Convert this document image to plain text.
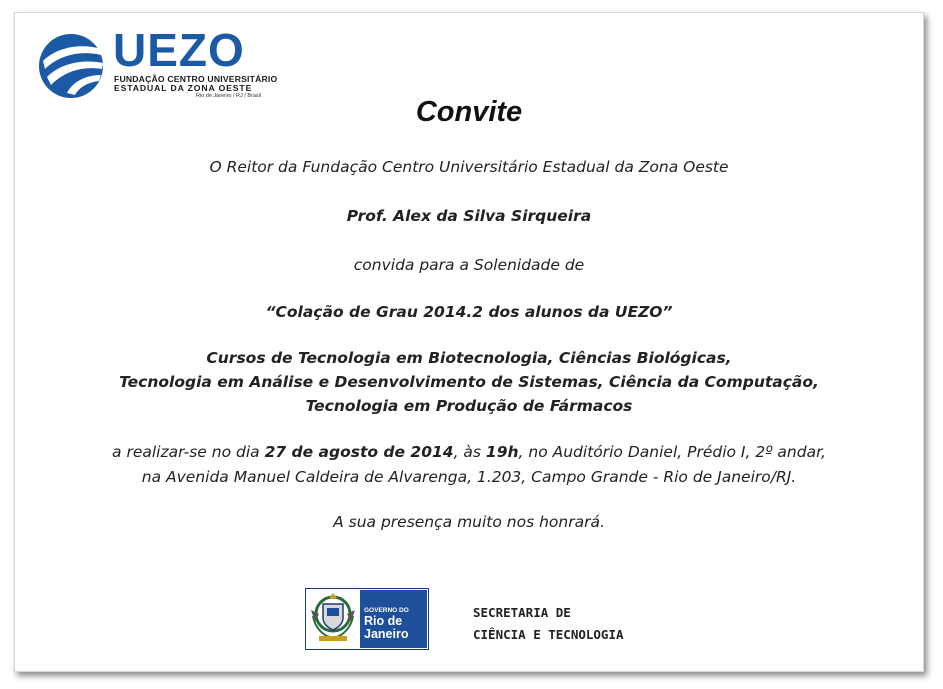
UEZO
FUNDAÇÃO CENTRO UNIVERSITÁRIO
ESTADUAL DA ZONA OESTE
Rio de Janeiro / RJ / Brasil	Convite
O Reitor da Fundação Centro Universitário Estadual da Zona Oeste
Prof. Alex da Silva Sirqueira
convida para a Solenidade de
“Colação de Grau 2014.2 dos alunos da UEZO”
Cursos de Tecnologia em Biotecnologia, Ciências Biológicas,
Tecnologia em Análise e Desenvolvimento de Sistemas, Ciência da Computação,
Tecnologia em Produção de Fármacos
a realizar-se no dia 27 de agosto de 2014, às 19h, no Auditório Daniel, Prédio I, 2º andar,
na Avenida Manuel Caldeira de Alvarenga, 1.203, Campo Grande - Rio de Janeiro/RJ.
A sua presença muito nos honrará.
GOVERNO DO
Rio de Janeiro
SECRETARIA DE
CIÊNCIA E TECNOLOGIA
